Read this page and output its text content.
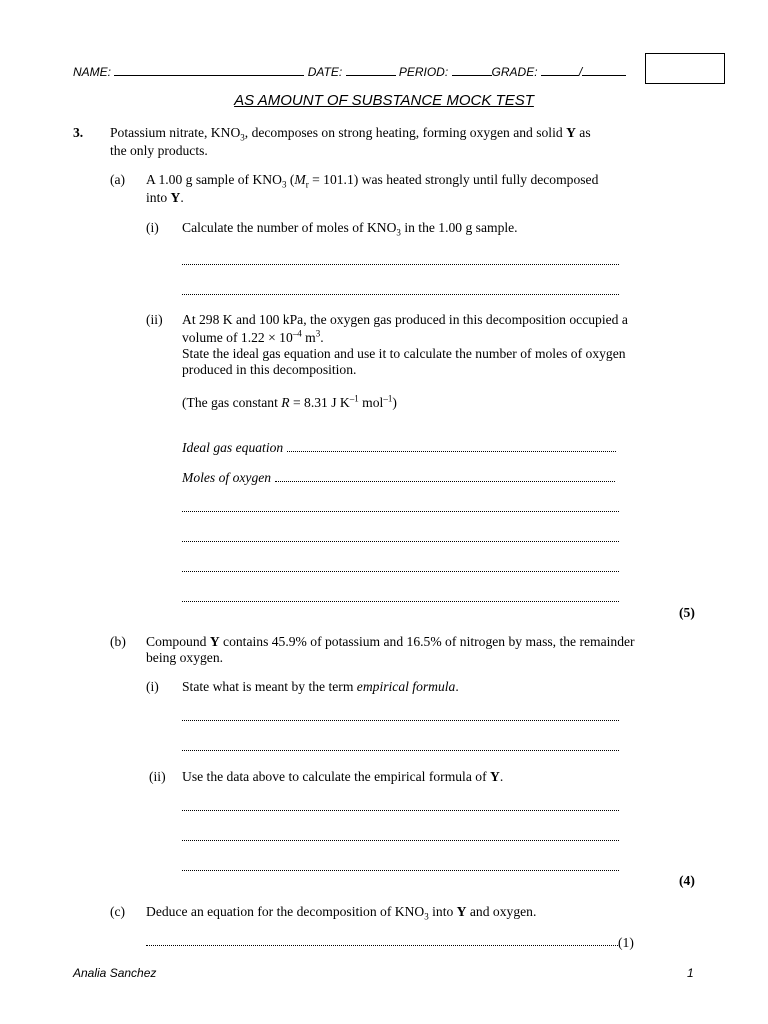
NAME:	DATE:	PERIOD:	GRADE:	/
AS AMOUNT OF SUBSTANCE MOCK TEST
3. Potassium nitrate, $KNO_3$, decomposes on strong heating, forming oxygen and solid Y as
the only products.
(a) A 1.00 g sample of $KNO_3$ $(M_r = 101.1)$ was heated strongly until fully decomposed
into Y.
(i) Calculate the number of moles of $KNO_3$ in the 1.00 g sample.
(ii) At 298 K and 100 kPa, the oxygen gas produced in this decomposition occupied a
volume of $1.22 \times 10^{-4}$ $m^3$.
State the ideal gas equation and use it to calculate the number of moles of oxygen
produced in this decomposition.
(The gas constant R = 8.31 J $K^{-1}$ mol$^{-1}$)
Ideal gas equation
Moles of oxygen
(5)
(b) Compound Y contains 45.9% of potassium and 16.5% of nitrogen by mass, the remainder
being oxygen.
(i) State what is meant by the term empirical formula.
(ii) Use the data above to calculate the empirical formula of Y.
(4)
(c) Deduce an equation for the decomposition of $KNO_3$ into Y and oxygen.
(1)
Analia Sanchez	1
